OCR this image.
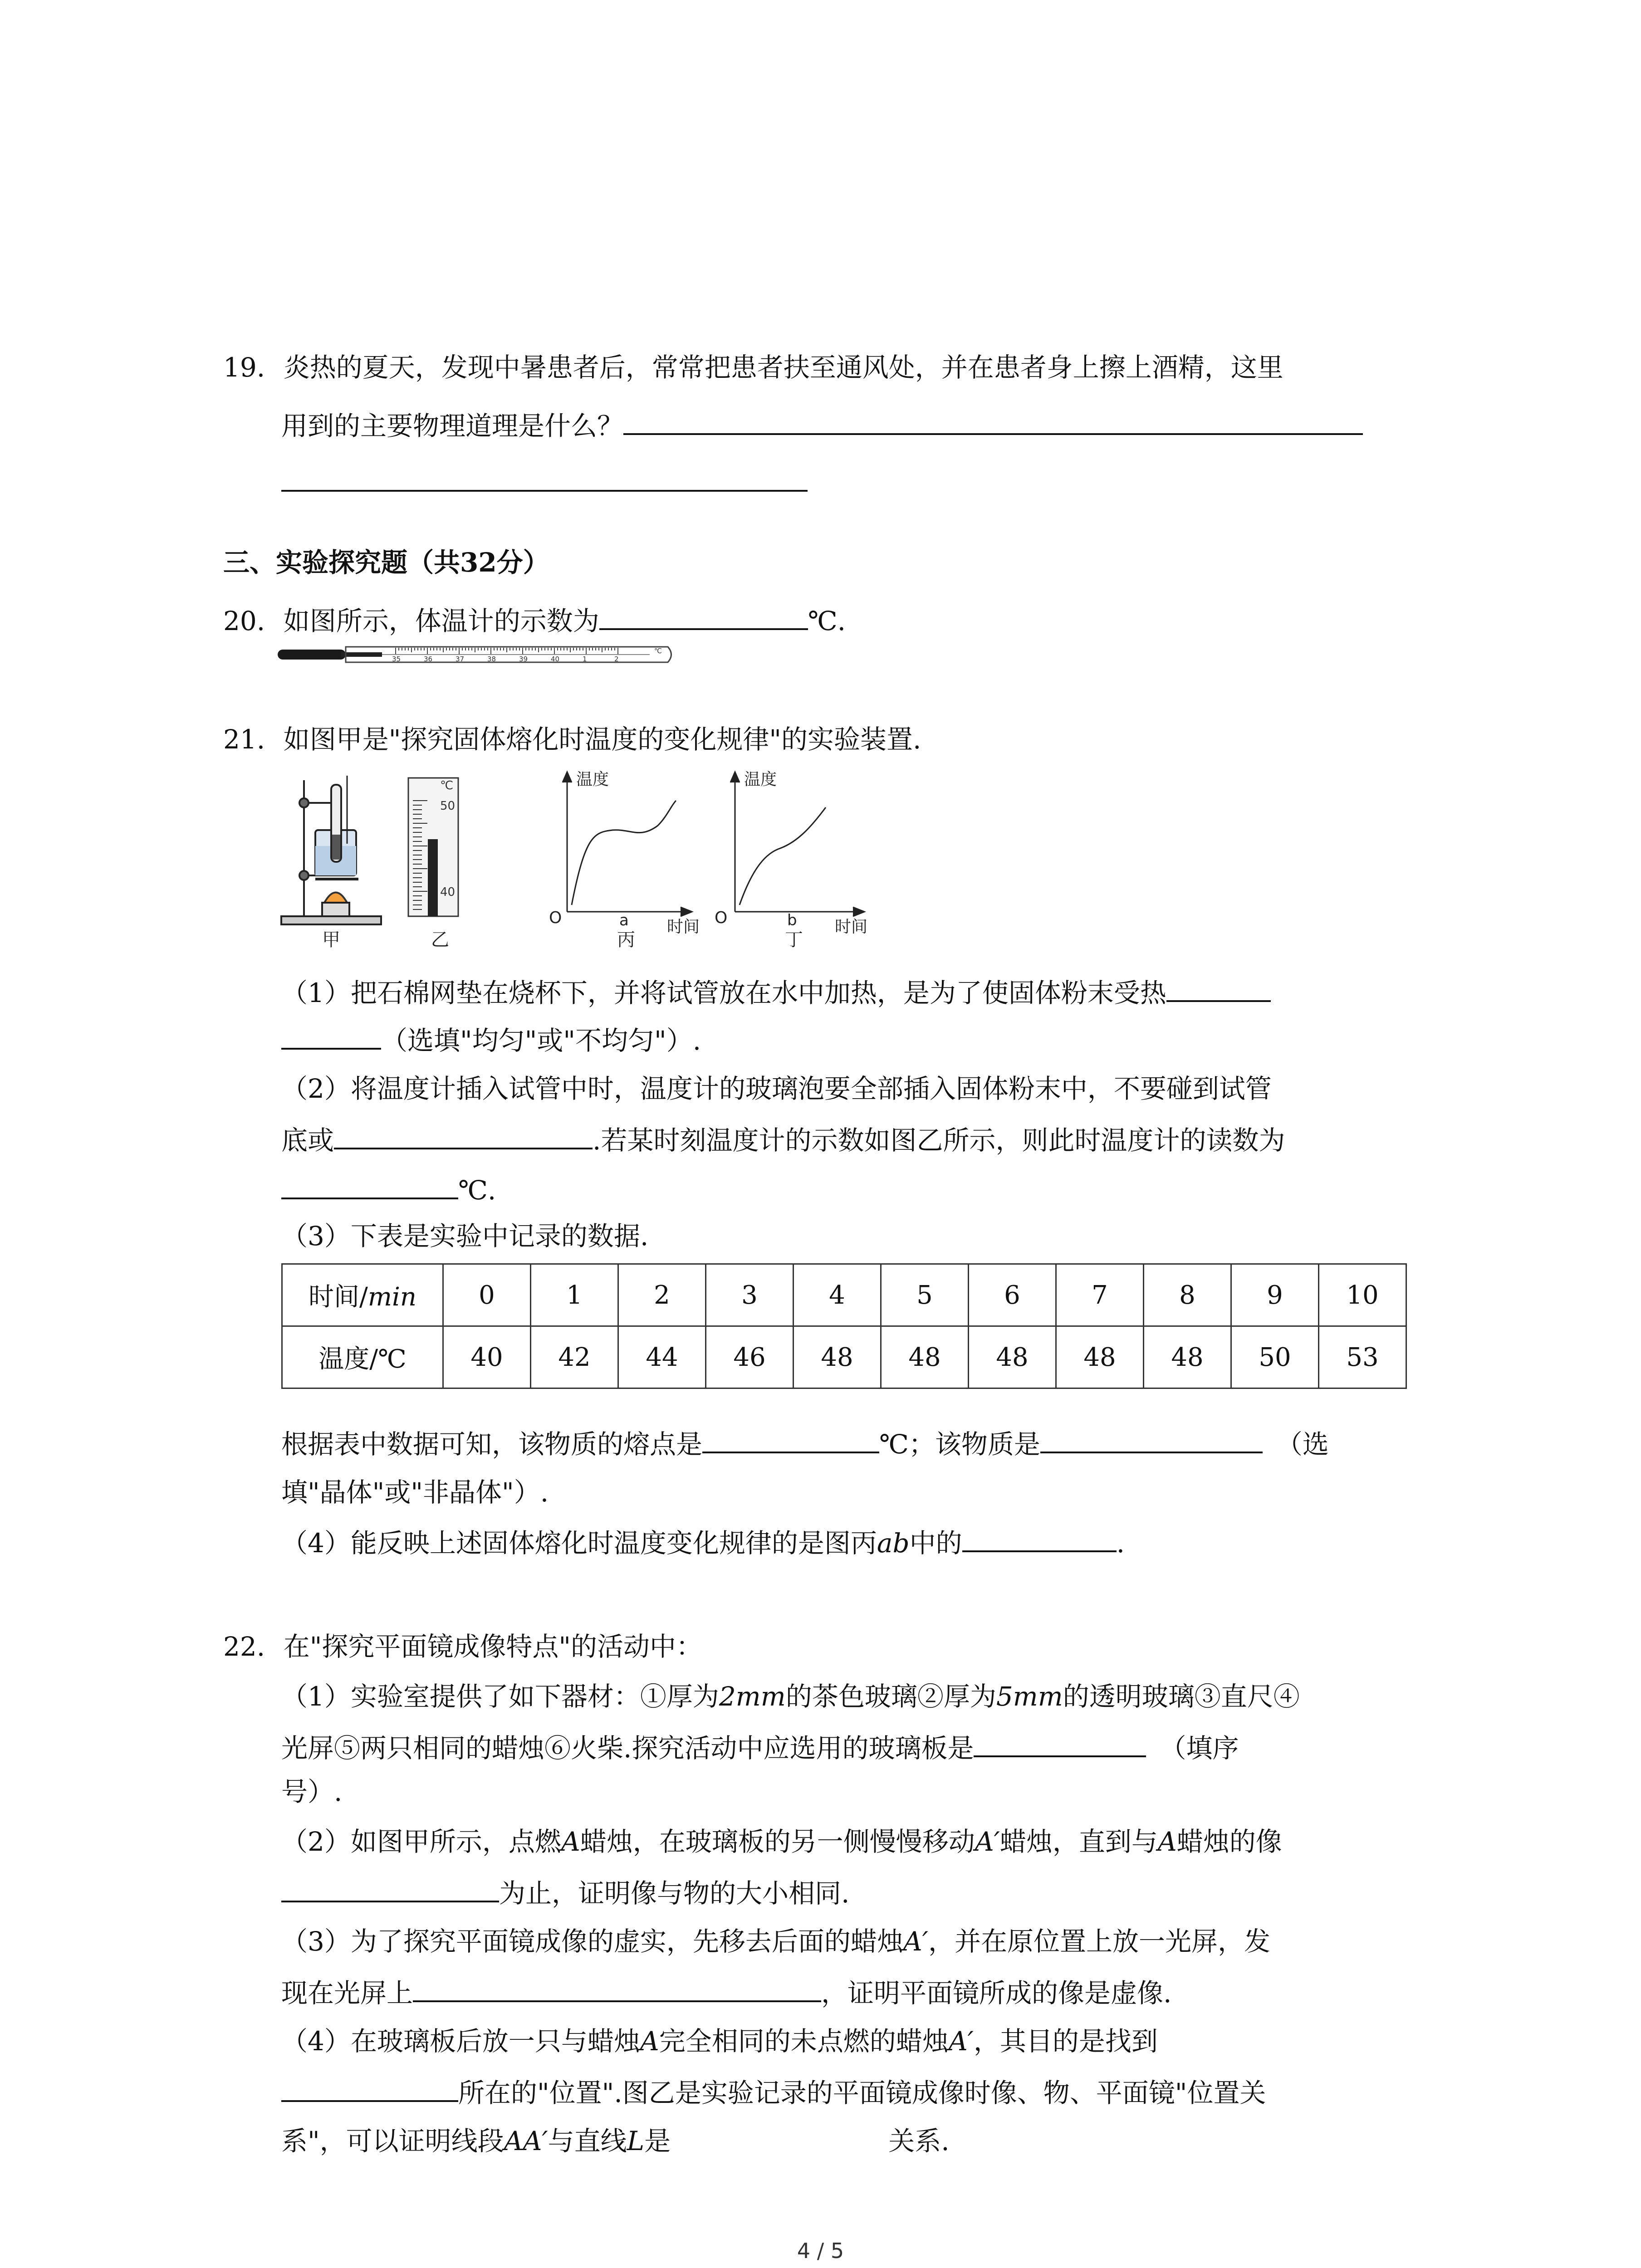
19. 炎热的夏天，发现中暑患者后，常常把患者扶至通风处，并在患者身上擦上酒精，这里
用到的主要物理道理是什么？
三、实验探究题（共32分）
20. 如图所示，体温计的示数为	℃.
35	36	37	38	39	40	1	2
℃
21. 如图甲是"探究固体熔化时温度的变化规律"的实验装置.
甲
℃
50
40
乙
温度
O	a 时间
丙
温度
O	b 时间
丁
（1）把石棉网垫在烧杯下，并将试管放在水中加热，是为了使固体粉末受热
（选填"均匀"或"不均匀"）.
（2）将温度计插入试管中时，温度计的玻璃泡要全部插入固体粉末中，不要碰到试管
底或	.若某时刻温度计的示数如图乙所示，则此时温度计的读数为
℃.
（3）下表是实验中记录的数据.
时间/min	0	1	2	3	4	5	6	7	8	9	10
温度/℃	40	42	44	46	48	48	48	48	48	50	53
根据表中数据可知，该物质的熔点是	℃；该物质是	（选
填"晶体"或"非晶体"）.
（4）能反映上述固体熔化时温度变化规律的是图丙ab中的	.
22. 在"探究平面镜成像特点"的活动中：
（1）实验室提供了如下器材：①厚为2mm的茶色玻璃②厚为5mm的透明玻璃③直尺④
光屏⑤两只相同的蜡烛⑥火柴.探究活动中应选用的玻璃板是	（填序
号）.
（2）如图甲所示，点燃A蜡烛，在玻璃板的另一侧慢慢移动A′蜡烛，直到与A蜡烛的像
为止，证明像与物的大小相同.
（3）为了探究平面镜成像的虚实，先移去后面的蜡烛A′，并在原位置上放一光屏，发
现在光屏上	，证明平面镜所成的像是虚像.
（4）在玻璃板后放一只与蜡烛A完全相同的未点燃的蜡烛A′，其目的是找到
所在的"位置".图乙是实验记录的平面镜成像时像、物、平面镜"位置关
系"，可以证明线段AA′与直线L是	关系.
4 / 5
